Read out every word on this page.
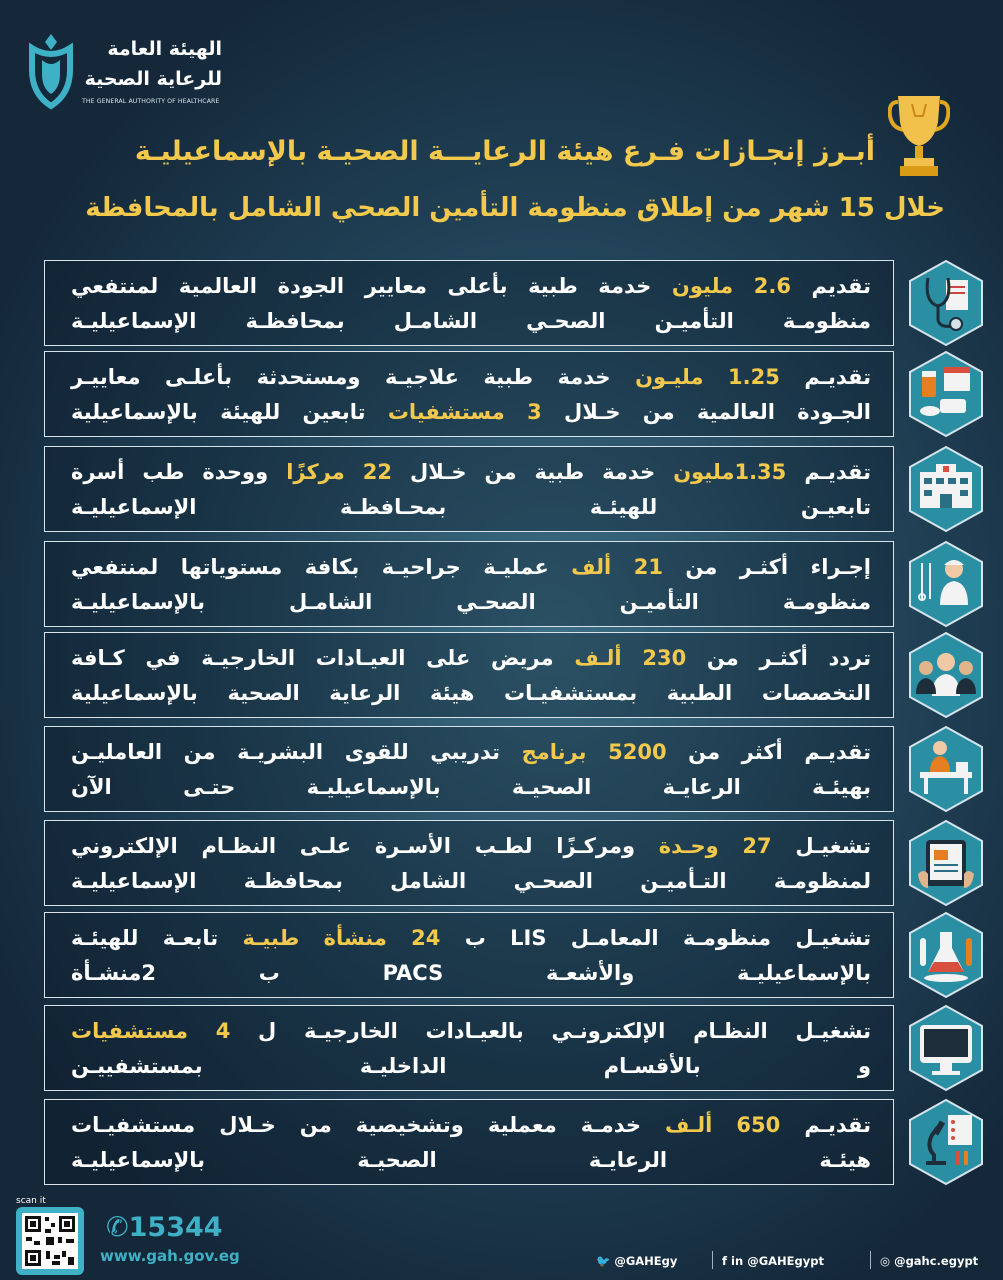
الهيئة العامة
للرعاية الصحية
THE GENERAL AUTHORITY OF HEALTHCARE
أبـرز إنجـازات فـرع هيئة الرعايـــة الصحيـة بالإسماعيليـة
خلال 15 شهر من إطلاق منظومة التأمين الصحي الشامل بالمحافظة
تقديم 2.6 مليون خدمة طبية بأعلى معايير الجودة العالمية لمنتفعي
منظومـة التأميـن الصحـي الشامـل بمحافظـة الإسماعيليـة
تقديـم 1.25 مليـون خدمة طبية علاجيـة ومستحدثة بأعلـى معاييـر
الجـودة العالمية من خـلال 3 مستشفيات تابعين للهيئة بالإسماعيلية
تقديـم 1.35مليون خدمة طبية من خـلال 22 مركزًا ووحدة طب أسرة
تابعيـن للهيئـة بمحـافظـة الإسماعيليـة
إجـراء أكثـر من 21 ألف عمليـة جراحيـة بكافة مستوياتها لمنتفعي
منظومـة التأميـن الصحـي الشامـل بالإسماعيليـة
تردد أكثـر من 230 ألـف مريض على العيـادات الخارجيـة في كـافة
التخصصات الطبية بمستشفيـات هيئة الرعاية الصحية بالإسماعيلية
تقديـم أكثر من 5200 برنامج تدريبي للقوى البشريـة من العامليـن
بهيئـة الرعايـة الصحيـة بالإسماعيليـة حتـى الآن
تشغيـل 27 وحـدة ومركـزًا لطـب الأسـرة علـى النظـام الإلكتروني
لمنظومـة التـأميـن الصحـي الشامل بمحافظـة الإسماعيليـة
تشغيـل منظومـة المعامـل LIS ب 24 منشأة طبيـة تابعـة للهيئـة
بالإسماعيليـة والأشعـة PACS ب 2منشـأة
تشغيـل النظـام الإلكترونـي بالعيـادات الخارجيـة ل 4 مستشفيات
و بالأقسـام الداخليـة بمستشفييـن
تقديـم 650 ألـف خدمـة معملية وتشخيصية من خـلال مستشفيـات
هيئـة الرعايـة الصحيـة بالإسماعيليـة
scan it
✆15344
www.gah.gov.eg	🐦 @GAHEgy	f in @GAHEgypt	◎ @gahc.egypt
